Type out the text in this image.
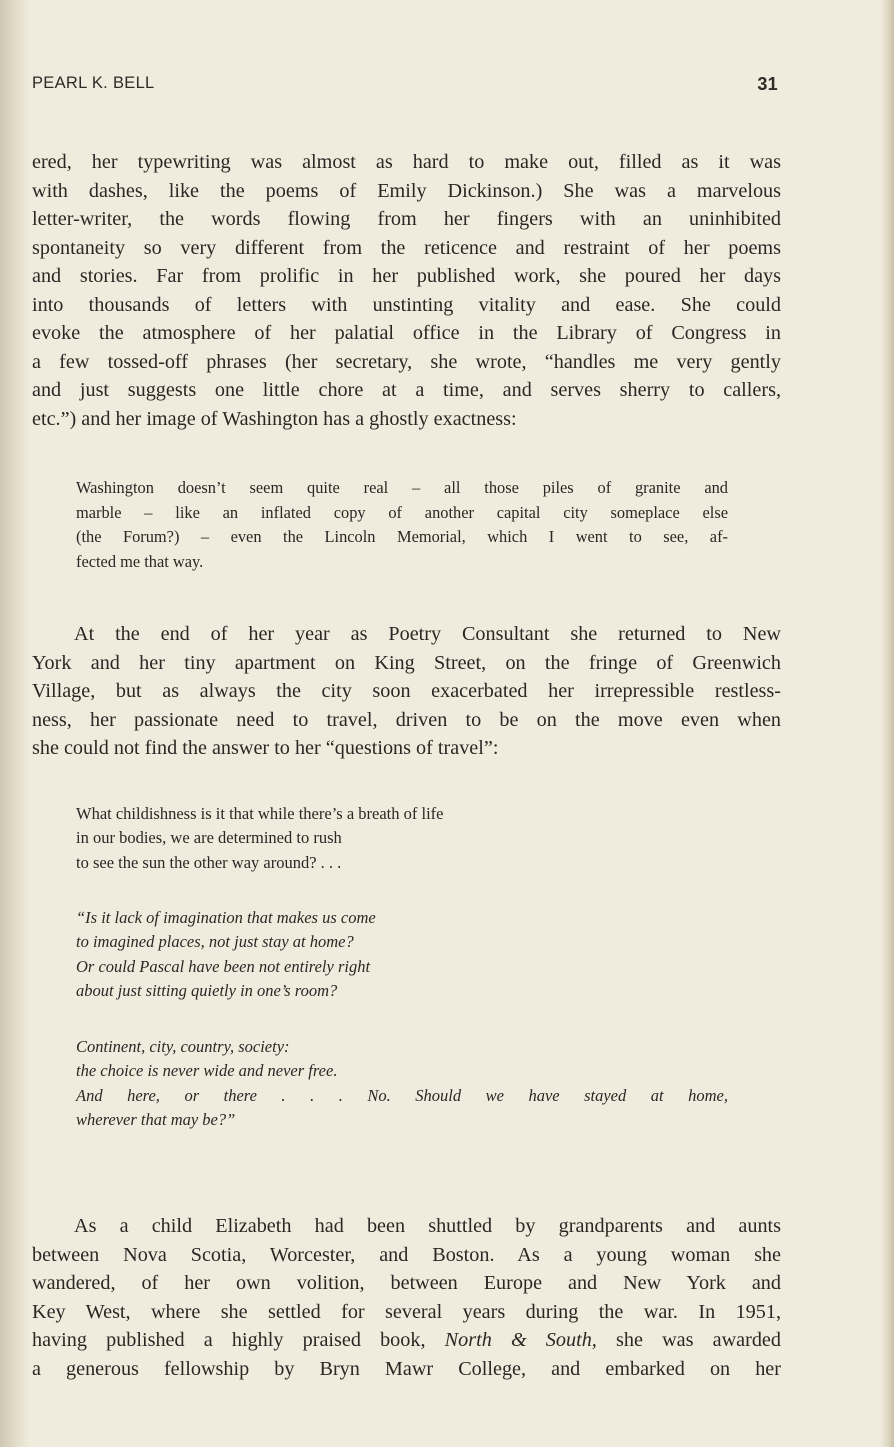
PEARL K. BELL	31

ered, her typewriting was almost as hard to make out, filled as it was
with dashes, like the poems of Emily Dickinson.) She was a marvelous
letter-writer, the words flowing from her fingers with an uninhibited
spontaneity so very different from the reticence and restraint of her poems
and stories. Far from prolific in her published work, she poured her days
into thousands of letters with unstinting vitality and ease. She could
evoke the atmosphere of her palatial office in the Library of Congress in
a few tossed-off phrases (her secretary, she wrote, “handles me very gently
and just suggests one little chore at a time, and serves sherry to callers,
etc.”) and her image of Washington has a ghostly exactness:

Washington doesn’t seem quite real – all those piles of granite and
marble – like an inflated copy of another capital city someplace else
(the Forum?) – even the Lincoln Memorial, which I went to see, af-
fected me that way.

At the end of her year as Poetry Consultant she returned to New
York and her tiny apartment on King Street, on the fringe of Greenwich
Village, but as always the city soon exacerbated her irrepressible restless-
ness, her passionate need to travel, driven to be on the move even when
she could not find the answer to her “questions of travel”:

What childishness is it that while there’s a breath of life
in our bodies, we are determined to rush
to see the sun the other way around? . . .
“Is it lack of imagination that makes us come
to imagined places, not just stay at home?
Or could Pascal have been not entirely right
about just sitting quietly in one’s room?
Continent, city, country, society:
the choice is never wide and never free.
And here, or there . . . No. Should we have stayed at home,
wherever that may be?”

As a child Elizabeth had been shuttled by grandparents and aunts
between Nova Scotia, Worcester, and Boston. As a young woman she
wandered, of her own volition, between Europe and New York and
Key West, where she settled for several years during the war. In 1951,
having published a highly praised book, North & South, she was awarded
a generous fellowship by Bryn Mawr College, and embarked on her
